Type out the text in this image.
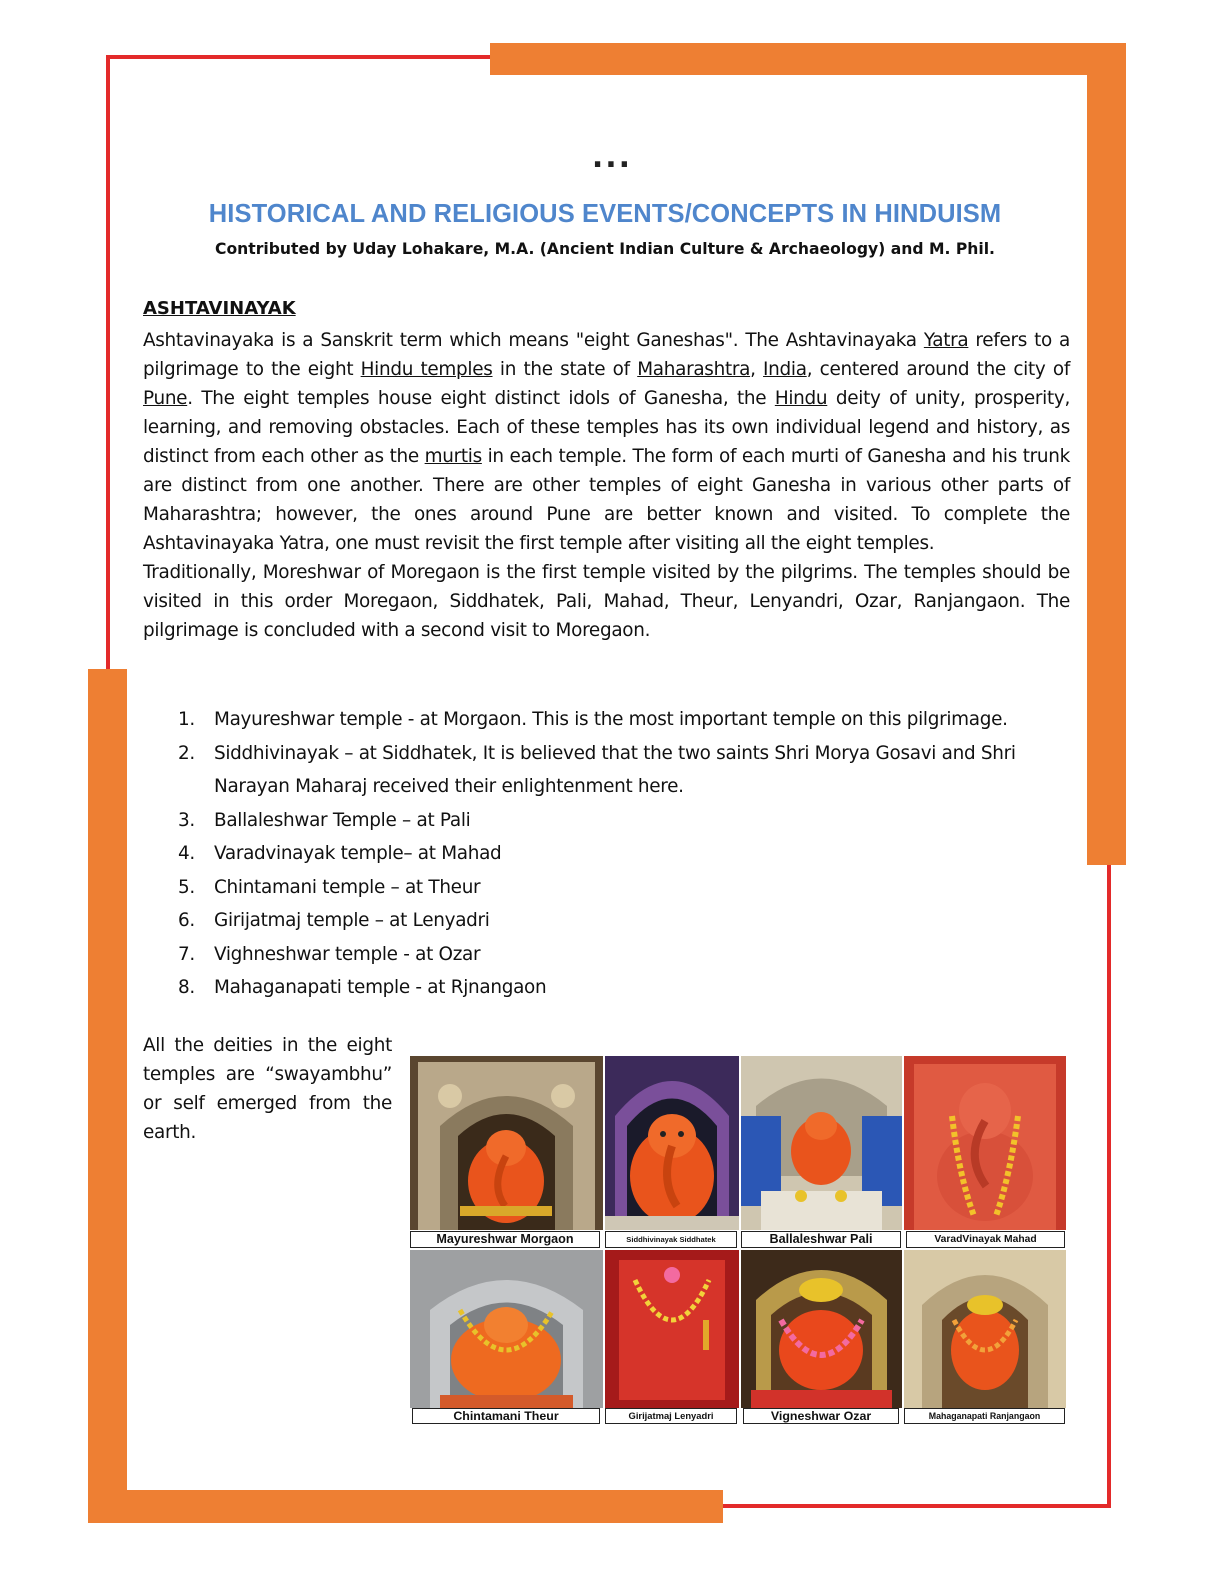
...
HISTORICAL AND RELIGIOUS EVENTS/CONCEPTS IN HINDUISM
Contributed by Uday Lohakare, M.A. (Ancient Indian Culture & Archaeology) and M. Phil.
ASHTAVINAYAK

Ashtavinayaka is a Sanskrit term which means "eight Ganeshas". The Ashtavinayaka Yatra refers to a pilgrimage to the eight Hindu temples in the state of Maharashtra, India, centered around the city of Pune. The eight temples house eight distinct idols of Ganesha, the Hindu deity of unity, prosperity, learning, and removing obstacles. Each of these temples has its own individual legend and history, as distinct from each other as the murtis in each temple. The form of each murti of Ganesha and his trunk are distinct from one another. There are other temples of eight Ganesha in various other parts of Maharashtra; however, the ones around Pune are better known and visited. To complete the Ashtavinayaka Yatra, one must revisit the first temple after visiting all the eight temples.

Traditionally, Moreshwar of Moregaon is the first temple visited by the pilgrims. The temples should be visited in this order Moregaon, Siddhatek, Pali, Mahad, Theur, Lenyandri, Ozar, Ranjangaon. The pilgrimage is concluded with a second visit to Moregaon.

1. Mayureshwar temple - at Morgaon. This is the most important temple on this pilgrimage.
2. Siddhivinayak – at Siddhatek, It is believed that the two saints Shri Morya Gosavi and Shri Narayan Maharaj received their enlightenment here.
3. Ballaleshwar Temple – at Pali
4. Varadvinayak temple– at Mahad
5. Chintamani temple – at Theur
6. Girijatmaj temple – at Lenyadri
7. Vighneshwar temple - at Ozar
8. Mahaganapati temple - at Rjnangaon
All the deities in the eight temples are “swayambhu” or self emerged from the earth.
Mayureshwar Morgaon	Siddhivinayak Siddhatek	Ballaleshwar Pali	VaradVinayak Mahad
Chintamani Theur	Girijatmaj Lenyadri	Vigneshwar Ozar	Mahaganapati Ranjangaon
